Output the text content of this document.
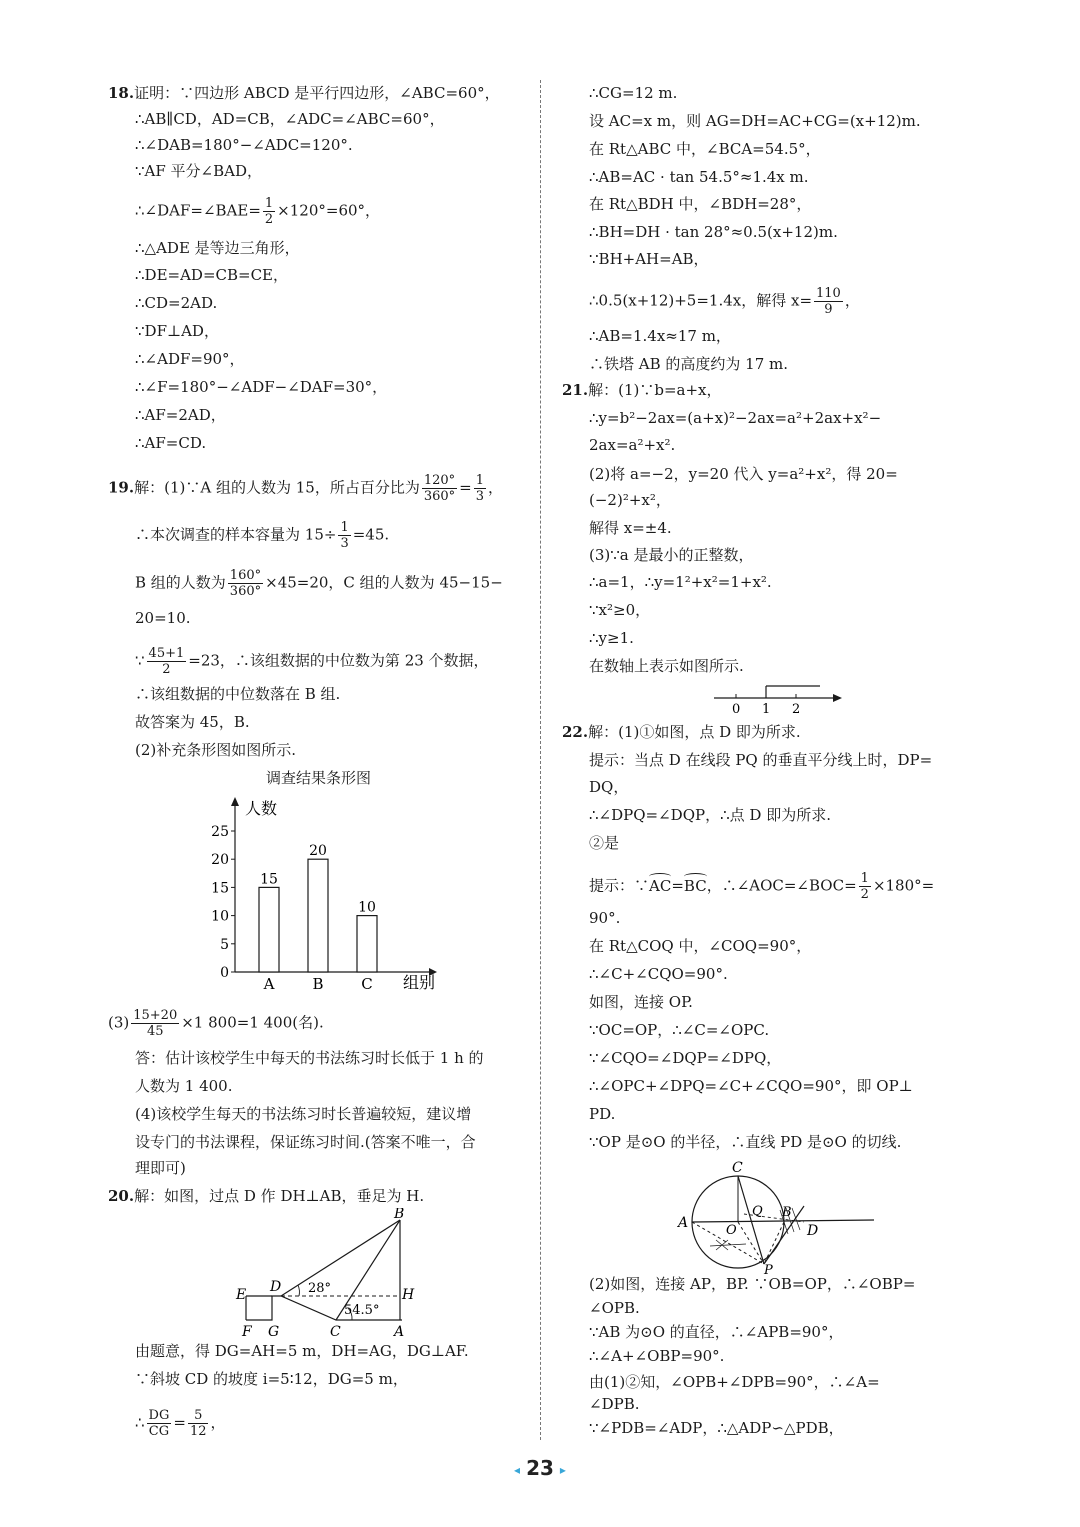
18.证明：∵四边形 ABCD 是平行四边形，∠ABC=60°，
∴AB∥CD，AD=CB，∠ADC=∠ABC=60°，
∴∠DAB=180°−∠ADC=120°.
∵AF 平分∠BAD，
∴∠DAF=∠BAE= $\frac{1}{2} \times 120^\circ=60^\circ$，
∴△ADE 是等边三角形，
∴DE=AD=CB=CE，
∴CD=2AD.
∵DF⊥AD，
∴∠ADF=90°，
∴∠F=180°−∠ADF−∠DAF=30°，
∴AF=2AD，
∴AF=CD.
19.解：(1)∵A 组的人数为 15，所占百分比为 $\frac{120^\circ}{360^\circ} = \frac{1}{3}$ ，
∴本次调查的样本容量为 $15\div \frac{1}{3} =45$.
B 组的人数为 $\frac{160^\circ}{360^\circ} \times 45=20$，C 组的人数为 45−15−
20=10.
∵ $\frac{45+1}{2} =23$，∴该组数据的中位数为第 23 个数据，
∴该组数据的中位数落在 B 组.
故答案为 45，B.
(2)补充条形图如图所示.
调查结果条形图
人数
组别
0
5
10
15
20
25
15
A
20
B
10
C
$(3) \frac{15+20}{45} \times 1$ 800=1 400(名).
答：估计该校学生中每天的书法练习时长低于 1 h 的
人数为 1 400.
(4)该校学生每天的书法练习时长普遍较短，建议增
设专门的书法课程，保证练习时间.(答案不唯一，合
理即可)
20.解：如图，过点 D 作 DH⊥AB，垂足为 H.
B
D
E	H
F G	C	A
28°
54.5°
由题意，得 DG=AH=5 m，DH=AG，DG⊥AF.
∵斜坡 CD 的坡度 i=5∶12，DG=5 m，
∴ $\frac{DG}{CG} = \frac{5}{12}$ ，
∴CG=12 m.
设 AC=x m，则 AG=DH=AC+CG=(x+12)m.
在 Rt△ABC 中，∠BCA=54.5°，
∴AB=AC · tan 54.5°≈1.4x m.
在 Rt△BDH 中，∠BDH=28°，
∴BH=DH · tan 28°≈0.5(x+12)m.
∵BH+AH=AB，
∴0.5(x+12)+5=1.4x，解得 $x= \frac{110}{9}$ ，
∴AB=1.4x≈17 m，
∴铁塔 AB 的高度约为 17 m.
21.解：(1)∵b=a+x，
∴y=b²−2ax=(a+x)²−2ax=a²+2ax+x²−
2ax=a²+x².
(2)将 a=−2，y=20 代入 y=a²+x²，得 20=
(−2)²+x²，
解得 x=±4.
(3)∵a 是最小的正整数，
∴a=1，∴y=1²+x²=1+x².
∵x²≥0，
∴y≥1.
在数轴上表示如图所示.
0 1 2
22.解：(1)①如图，点 D 即为所求.
提示：当点 D 在线段 PQ 的垂直平分线上时，DP=
DQ，
∴∠DPQ=∠DQP，∴点 D 即为所求.
②是
提示：∵
AC=
BC，∴∠AOC=∠BOC= $\frac{1}{2} \times 180^\circ=$
90°.
在 Rt△COQ 中，∠COQ=90°，
∴∠C+∠CQO=90°.
如图，连接 OP.
∵OC=OP，∴∠C=∠OPC.
∵∠CQO=∠DQP=∠DPQ，
∴∠OPC+∠DPQ=∠C+∠CQO=90°，即 OP⊥
PD.
∵OP 是⊙O 的半径，∴直线 PD 是⊙O 的切线.
C
Q B
A	O	D
P
(2)如图，连接 AP，BP. ∵OB=OP，∴∠OBP=
∠OPB.
∵AB 为⊙O 的直径，∴∠APB=90°，
∴∠A+∠OBP=90°.
由(1)②知，∠OPB+∠DPB=90°，∴∠A=
∠DPB.
∵∠PDB=∠ADP，∴△ADP∽△PDB，
◂ 23 ▸
